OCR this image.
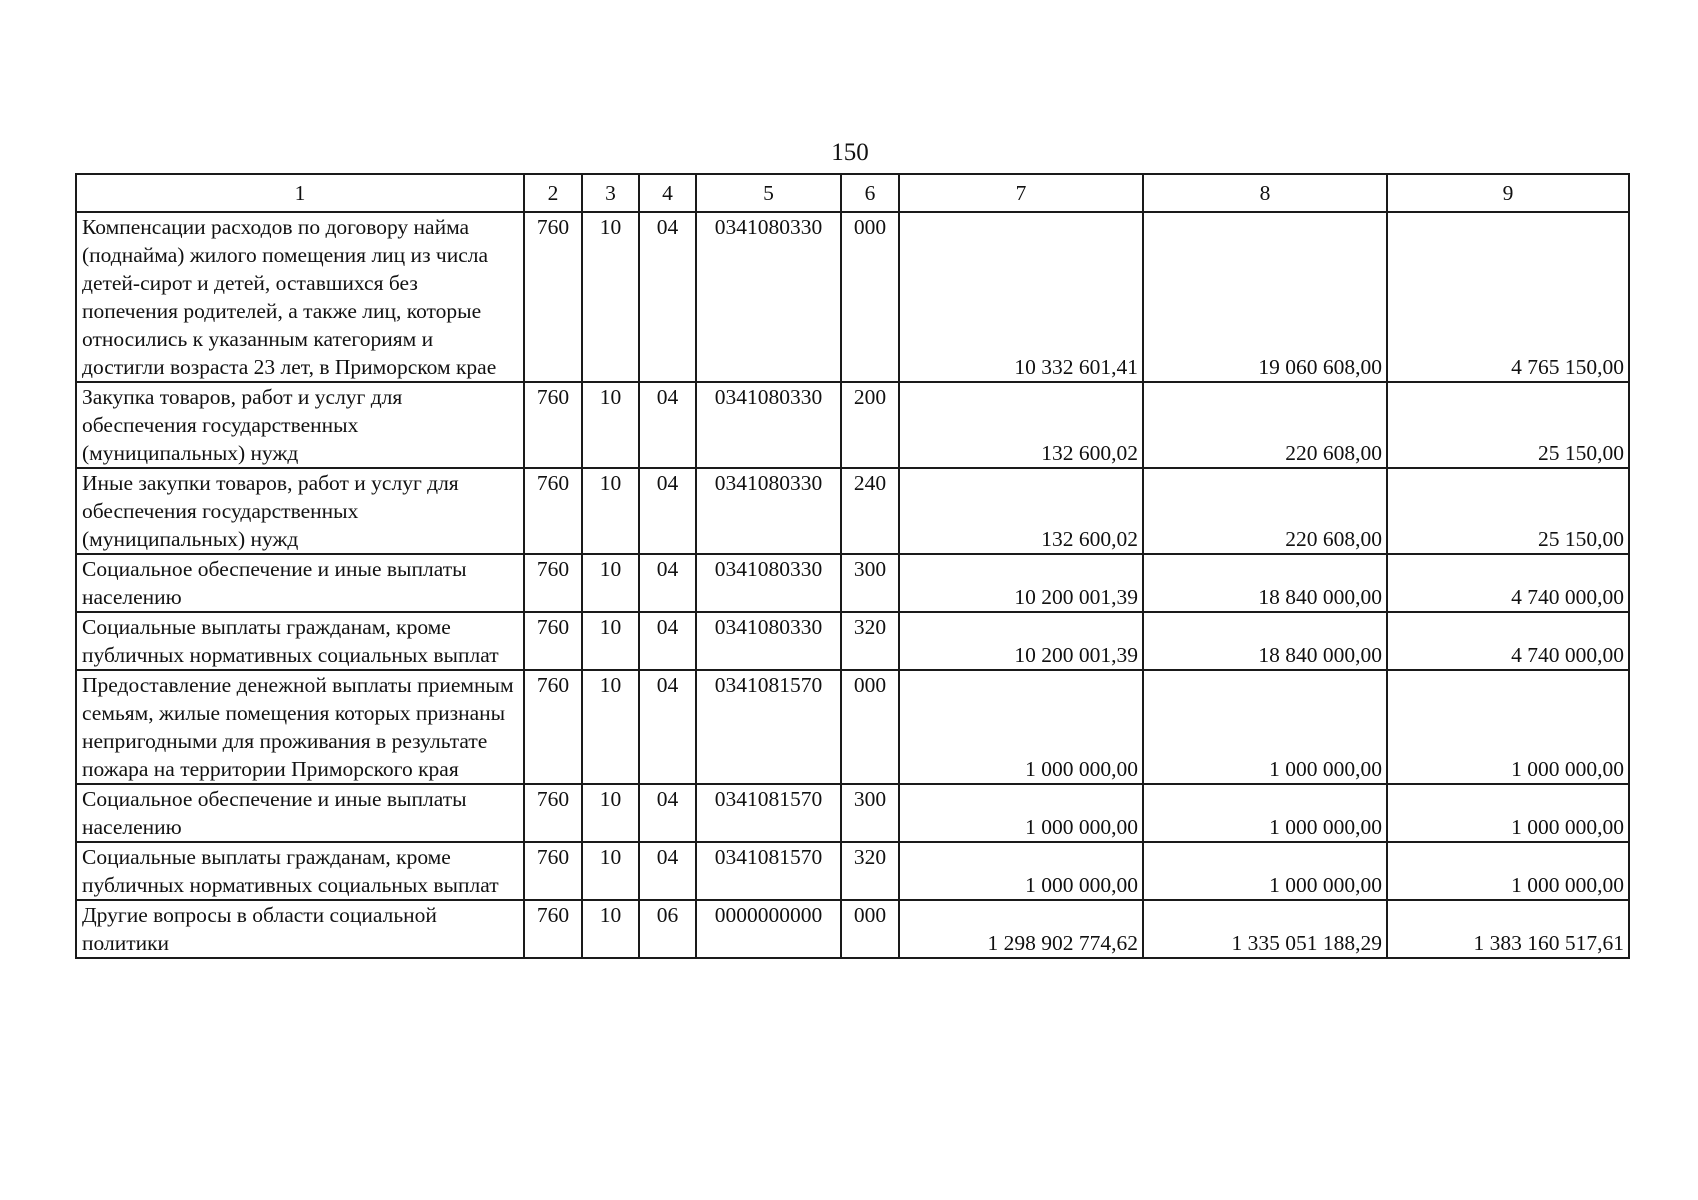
150
1	2	3	4	5	6	7	8	9
Компенсации расходов по договору найма (поднайма) жилого помещения лиц из числа детей-сирот и детей, оставшихся без попечения родителей, а также лиц, которые относились к указанным категориям и достигли возраста 23 лет, в Приморском крае	760	10	04	0341080330	000	10 332 601,41	19 060 608,00	4 765 150,00
Закупка товаров, работ и услуг для обеспечения государственных (муниципальных) нужд	760	10	04	0341080330	200	132 600,02	220 608,00	25 150,00
Иные закупки товаров, работ и услуг для обеспечения государственных (муниципальных) нужд	760	10	04	0341080330	240	132 600,02	220 608,00	25 150,00
Социальное обеспечение и иные выплаты населению	760	10	04	0341080330	300	10 200 001,39	18 840 000,00	4 740 000,00
Социальные выплаты гражданам, кроме публичных нормативных социальных выплат	760	10	04	0341080330	320	10 200 001,39	18 840 000,00	4 740 000,00
Предоставление денежной выплаты приемным семьям, жилые помещения которых признаны непригодными для проживания в результате пожара на территории Приморского края	760	10	04	0341081570	000	1 000 000,00	1 000 000,00	1 000 000,00
Социальное обеспечение и иные выплаты населению	760	10	04	0341081570	300	1 000 000,00	1 000 000,00	1 000 000,00
Социальные выплаты гражданам, кроме публичных нормативных социальных выплат	760	10	04	0341081570	320	1 000 000,00	1 000 000,00	1 000 000,00
Другие вопросы в области социальной политики	760	10	06	0000000000	000	1 298 902 774,62	1 335 051 188,29	1 383 160 517,61
